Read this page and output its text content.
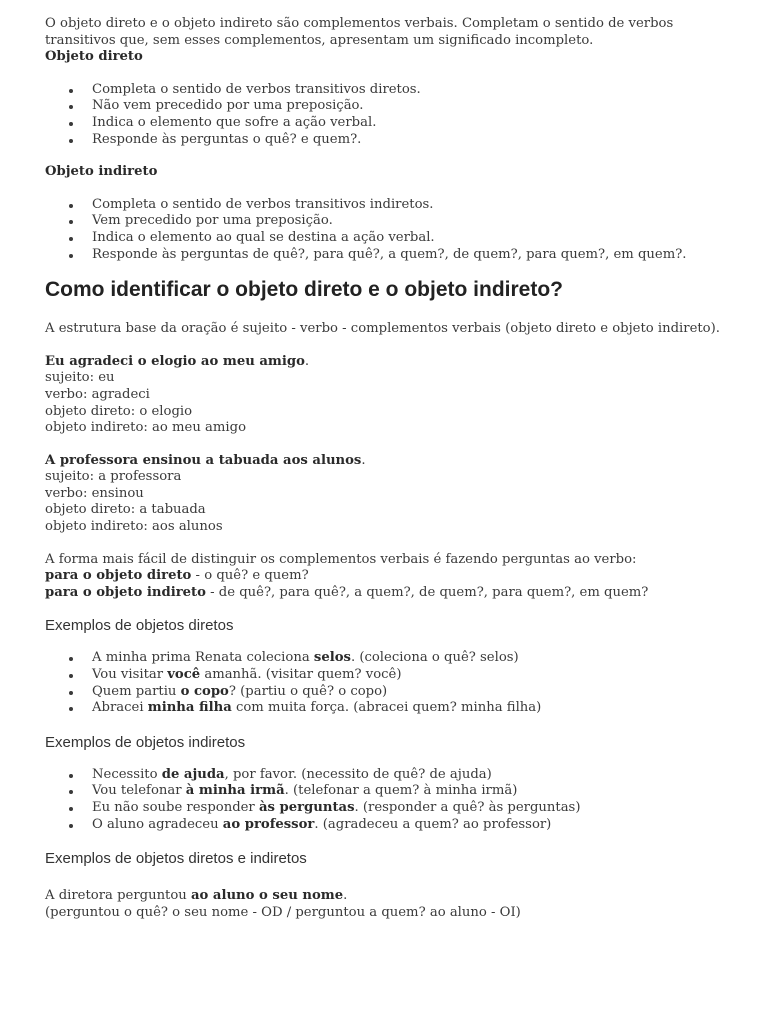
O objeto direto e o objeto indireto são complementos verbais. Completam o sentido de verbos transitivos que, sem esses complementos, apresentam um significado incompleto.

Objeto direto

Completa o sentido de verbos transitivos diretos.
Não vem precedido por uma preposição.
Indica o elemento que sofre a ação verbal.
Responde às perguntas o quê? e quem?.

Objeto indireto

Completa o sentido de verbos transitivos indiretos.
Vem precedido por uma preposição.
Indica o elemento ao qual se destina a ação verbal.
Responde às perguntas de quê?, para quê?, a quem?, de quem?, para quem?, em quem?.
Como identificar o objeto direto e o objeto indireto?

A estrutura base da oração é sujeito - verbo - complementos verbais (objeto direto e objeto indireto).

Eu agradeci o elogio ao meu amigo.

sujeito: eu

verbo: agradeci

objeto direto: o elogio

objeto indireto: ao meu amigo

A professora ensinou a tabuada aos alunos.

sujeito: a professora

verbo: ensinou

objeto direto: a tabuada

objeto indireto: aos alunos

A forma mais fácil de distinguir os complementos verbais é fazendo perguntas ao verbo:

para o objeto direto - o quê? e quem?

para o objeto indireto - de quê?, para quê?, a quem?, de quem?, para quem?, em quem?

Exemplos de objetos diretos
A minha prima Renata coleciona selos. (coleciona o quê? selos)
Vou visitar você amanhã. (visitar quem? você)
Quem partiu o copo? (partiu o quê? o copo)
Abracei minha filha com muita força. (abracei quem? minha filha)
Exemplos de objetos indiretos
Necessito de ajuda, por favor. (necessito de quê? de ajuda)
Vou telefonar à minha irmã. (telefonar a quem? à minha irmã)
Eu não soube responder às perguntas. (responder a quê? às perguntas)
O aluno agradeceu ao professor. (agradeceu a quem? ao professor)
Exemplos de objetos diretos e indiretos

A diretora perguntou ao aluno o seu nome.

(perguntou o quê? o seu nome - OD / perguntou a quem? ao aluno - OI)
